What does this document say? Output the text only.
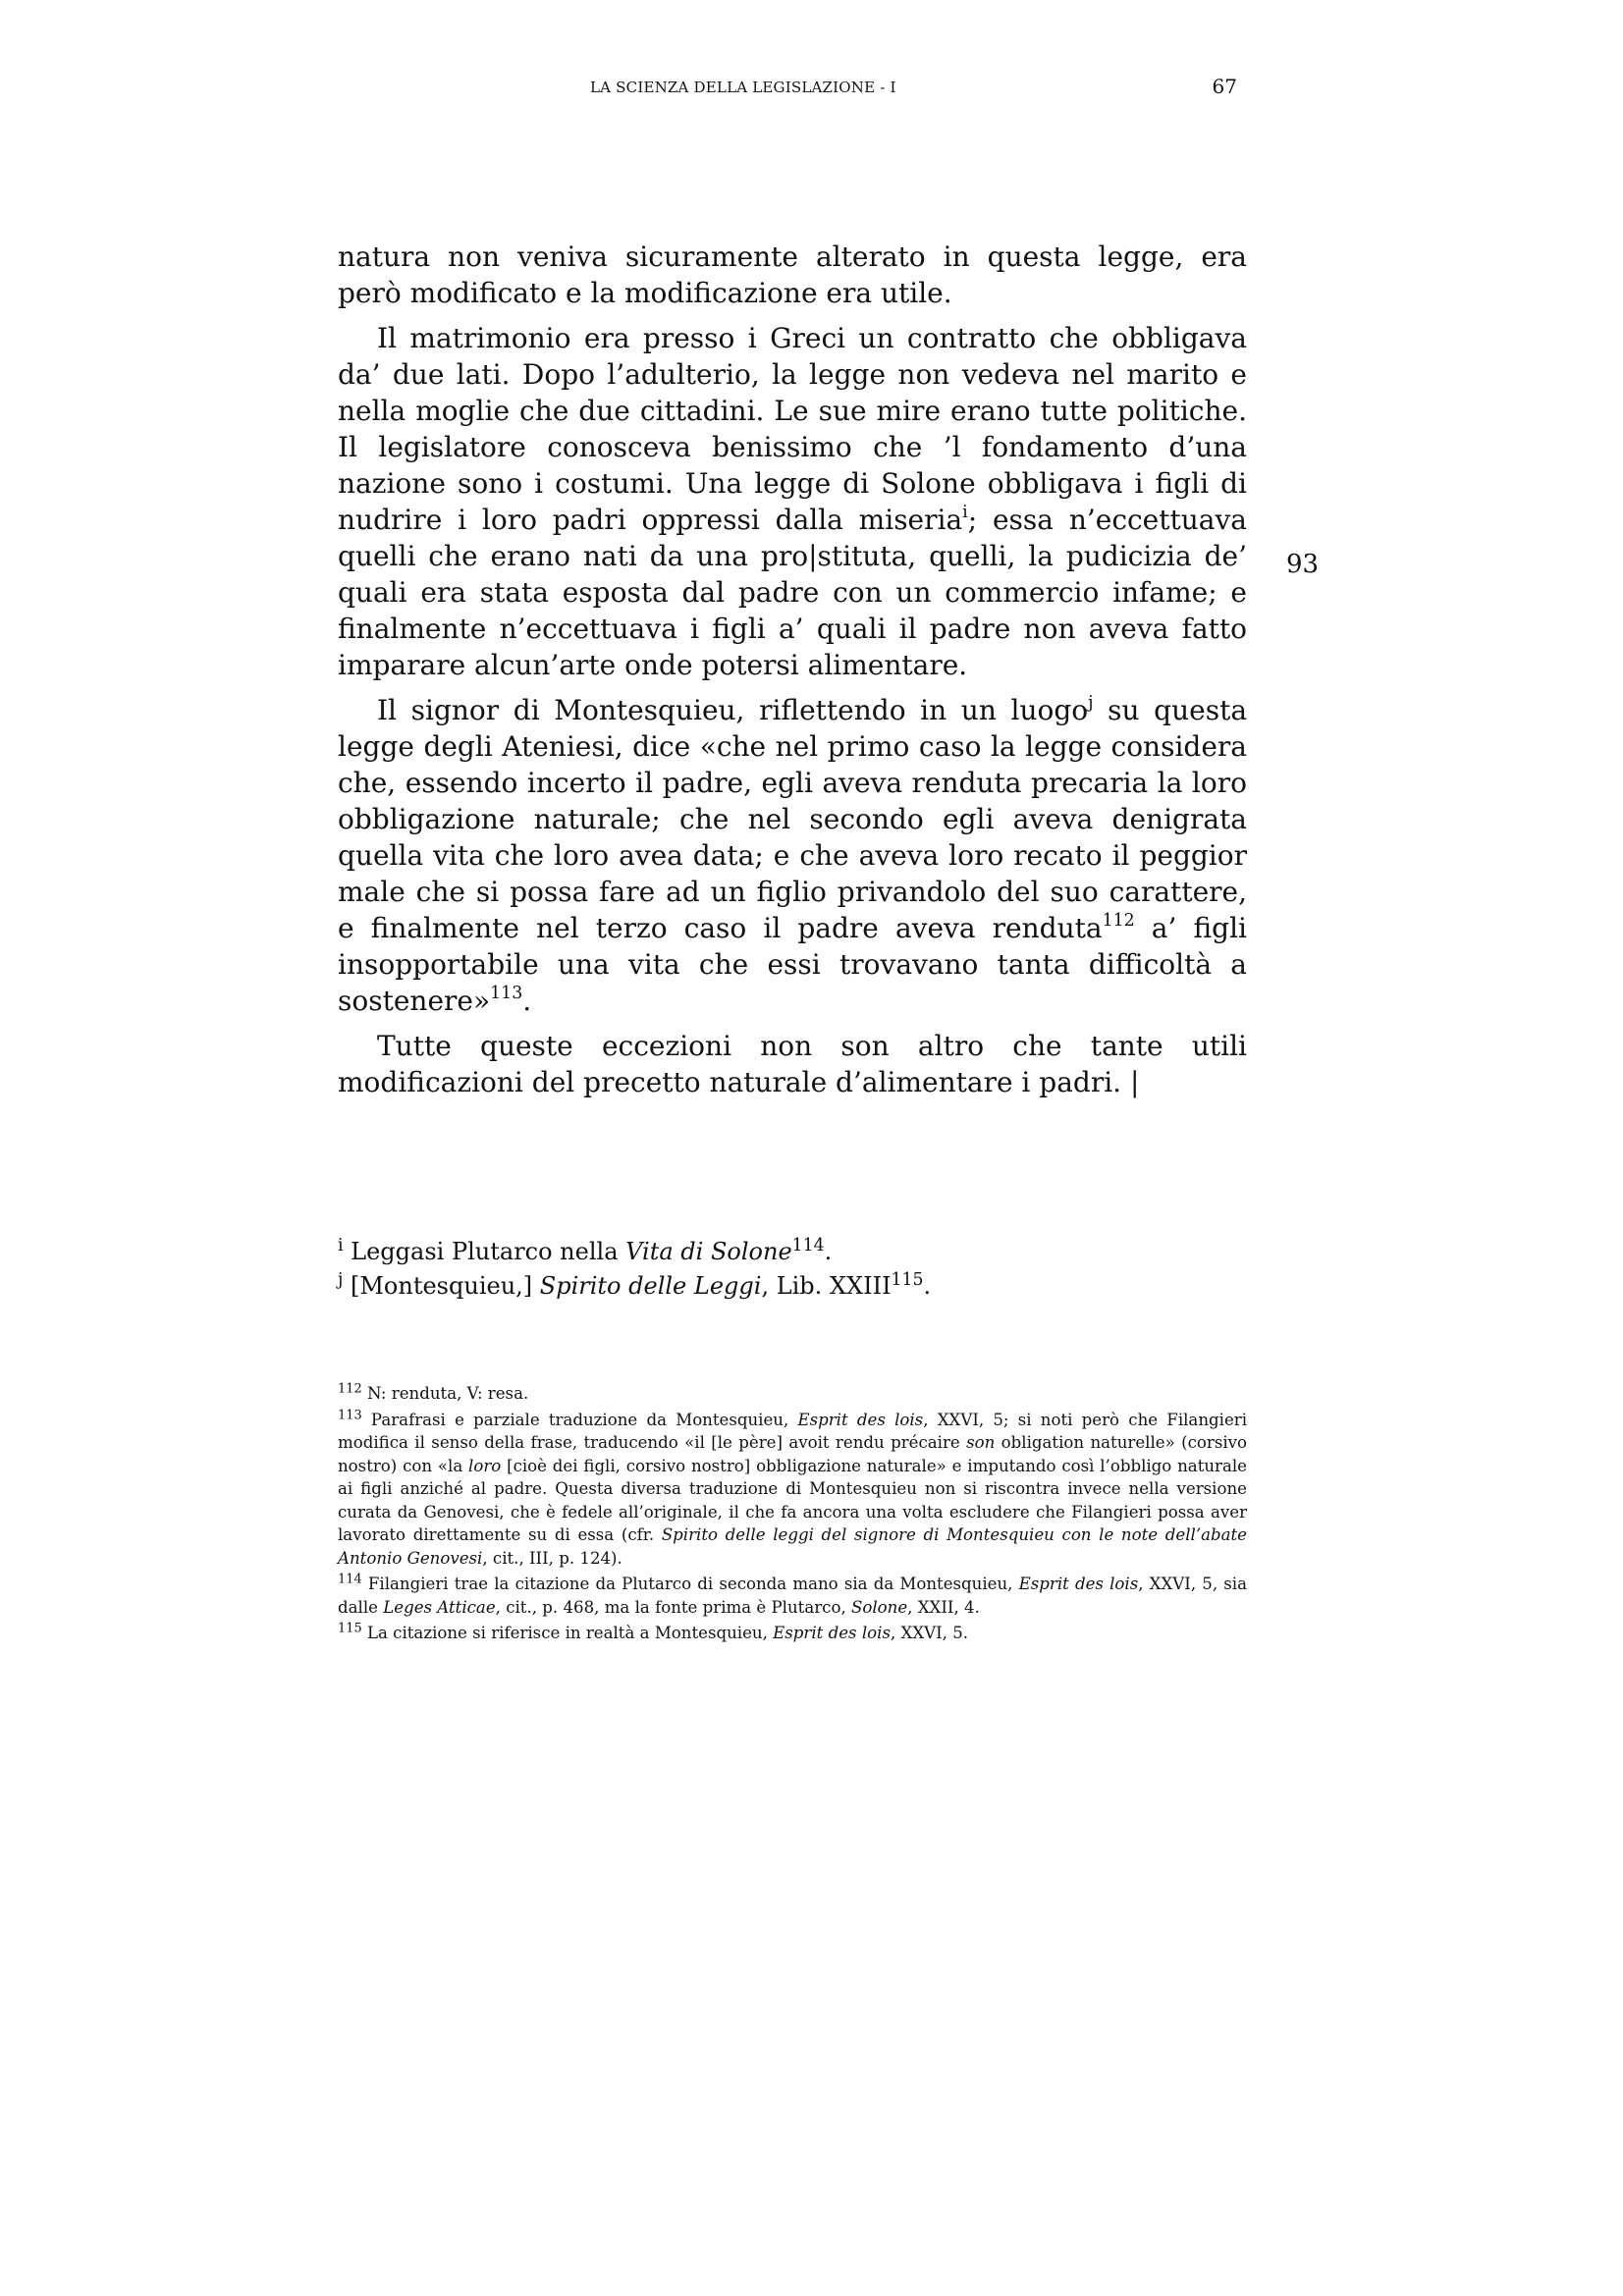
LA SCIENZA DELLA LEGISLAZIONE - I	67

natura non veniva sicuramente alterato in questa legge, era però modificato e la modificazione era utile.

Il matrimonio era presso i Greci un contratto che obbligava da’ due lati. Dopo l’adulterio, la legge non vedeva nel marito e nella moglie che due cittadini. Le sue mire erano tutte politiche. Il legislatore conosceva benissimo che ’l fondamento d’una nazione sono i costumi. Una legge di Solone obbligava i figli di nudrire i loro padri oppressi dalla miseria$^i$; essa n’eccettuava quelli che erano nati da una pro|stituta, quelli, la pudicizia de’ quali era stata esposta dal padre con un commercio infame; e finalmente n’eccettuava i figli a’ quali il padre non aveva fatto imparare alcun’arte onde potersi alimentare.

Il signor di Montesquieu, riflettendo in un luogo$^j$ su questa legge degli Ateniesi, dice «che nel primo caso la legge considera che, essendo incerto il padre, egli aveva renduta precaria la loro obbligazione naturale; che nel secondo egli aveva denigrata quella vita che loro avea data; e che aveva loro recato il peggior male che si possa fare ad un figlio privandolo del suo carattere, e finalmente nel terzo caso il padre aveva renduta$^{112}$ a’ figli insopportabile una vita che essi trovavano tanta difficoltà a sostenere»$^{113}$.

Tutte queste eccezioni non son altro che tante utili modificazioni del precetto naturale d’alimentare i padri. |

93
$^i$ Leggasi Plutarco nella Vita di Solone$^{114}$.
$^j$ [Montesquieu,] Spirito delle Leggi, Lib. XXIII$^{115}$.
$^{112}$ N: renduta, V: resa.
$^{113}$ Parafrasi e parziale traduzione da Montesquieu, Esprit des lois, XXVI, 5; si noti però che Filangieri modifica il senso della frase, traducendo «il [le père] avoit rendu précaire son obligation naturelle» (corsivo nostro) con «la loro [cioè dei figli, corsivo nostro] obbligazione naturale» e imputando così l’obbligo naturale ai figli anziché al padre. Questa diversa traduzione di Montesquieu non si riscontra invece nella versione curata da Genovesi, che è fedele all’originale, il che fa ancora una volta escludere che Filangieri possa aver lavorato direttamente su di essa (cfr. Spirito delle leggi del signore di Montesquieu con le note dell’abate Antonio Genovesi, cit., III, p. 124).
$^{114}$ Filangieri trae la citazione da Plutarco di seconda mano sia da Montesquieu, Esprit des lois, XXVI, 5, sia dalle Leges Atticae, cit., p. 468, ma la fonte prima è Plutarco, Solone, XXII, 4.
$^{115}$ La citazione si riferisce in realtà a Montesquieu, Esprit des lois, XXVI, 5.
